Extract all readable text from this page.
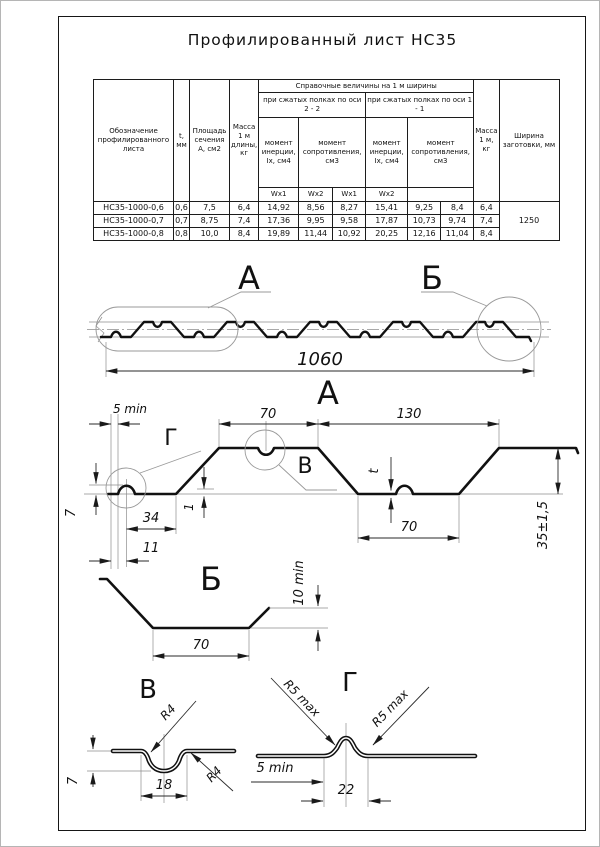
Профилированный лист НС35
Обозначение профилированного листа	t, мм	Площадь сечения А, см2	Масса 1 м длины, кг	Справочные величины на 1 м ширины						Масса 1 м, кг	Ширина заготовки, мм
				при сжатых полках по оси 2 - 2			при сжатых полках по оси 1 - 1				
				момент инерции, Ix, см4	момент сопротивления, см3		момент инерции, Ix, см4	момент сопротивления, см3			
				Wx1	Wx2	Wx1	Wx2				
НС35-1000-0,6	0,6	7,5	6,4	14,92	8,56	8,27	15,41	9,25	8,4	6,4	1250
НС35-1000-0,7	0,7	8,75	7,4	17,36	9,95	9,58	17,87	10,73	9,74	7,4	
НС35-1000-0,8	0,8	10,0	8,4	19,89	11,44	10,92	20,25	12,16	11,04	8,4	
А	Б
1060
А
Г
В
5 min	70	130
7	34
11
1
t
70	35±1,5
Б	10 min
70
В
R4
R4
7	18
Г
R5 max	R5 max
5 min
22
